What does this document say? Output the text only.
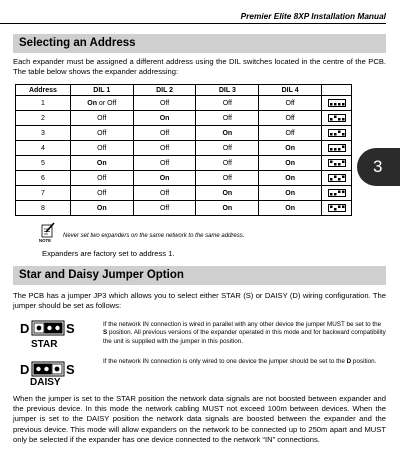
Premier Elite 8XP Installation Manual
Selecting an Address
Each expander must be assigned a different address using the DIL switches located in the centre of the PCB. The table below shows the expander addressing:
Address	DIL 1	DIL 2	DIL 3	DIL 4	
1	On or Off	Off	Off	Off	

2	Off	On	Off	Off	

3	Off	Off	On	Off	

4	Off	Off	Off	On	

5	On	Off	Off	On	

6	Off	On	Off	On	

7	Off	Off	On	On	

8	On	Off	On	On	
3
NOTE
Never set two expanders on the same network to the same address.
Expanders are factory set to address 1.
Star and Daisy Jumper Option
The PCB has a jumper JP3 which allows you to select either STAR (S) or DAISY (D) wiring configuration. The jumper should be set as follows:
D	S
STAR
D	S
DAISY
If the network IN connection is wired in parallel with any other device the jumper MUST be set to the S position. All previous versions of the expander operated in this mode and for backward compatibility the unit is supplied with the jumper in this position.
If the network IN connection is only wired to one device the jumper should be set to the D position.
When the jumper is set to the STAR position the network data signals are not boosted between expander and the previous device. In this mode the network cabling MUST not exceed 100m between devices. When the jumper is set to the DAISY position the network data signals are boosted between the expander and the previous device. This mode will allow expanders on the network to be connected up to 250m apart and MUST only be selected if the expander has one device connected to the network “IN” connections.
